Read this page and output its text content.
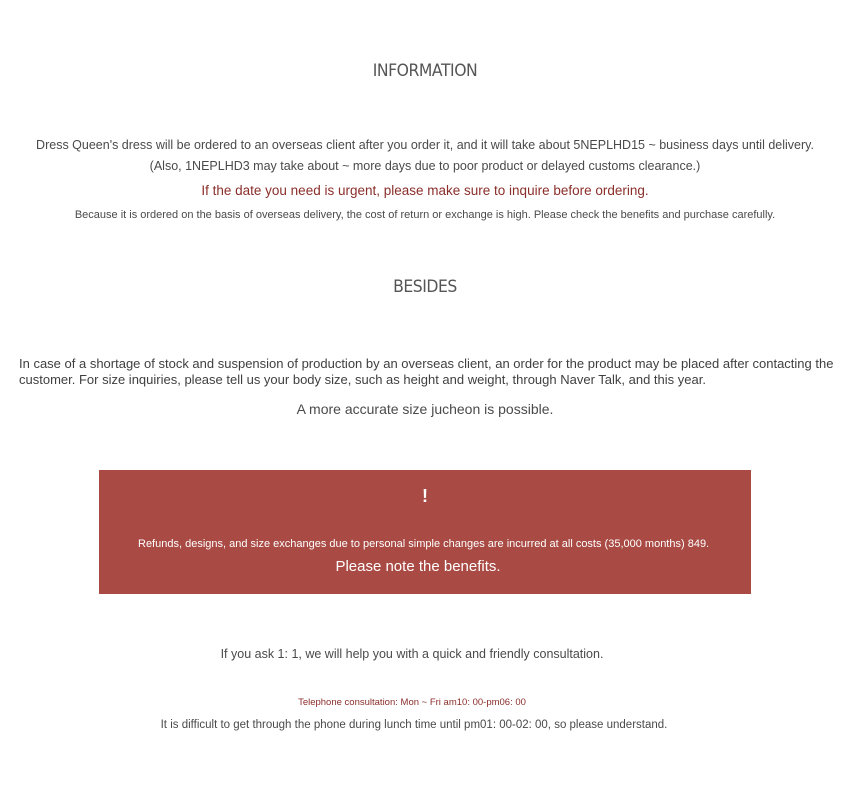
INFORMATION
Dress Queen's dress will be ordered to an overseas client after you order it, and it will take about 5NEPLHD15 ~ business days until delivery.
(Also, 1NEPLHD3 may take about ~ more days due to poor product or delayed customs clearance.)
If the date you need is urgent, please make sure to inquire before ordering.
Because it is ordered on the basis of overseas delivery, the cost of return or exchange is high. Please check the benefits and purchase carefully.
BESIDES
In case of a shortage of stock and suspension of production by an overseas client, an order for the product may be placed after contacting the customer. For size inquiries, please tell us your body size, such as height and weight, through Naver Talk, and this year.
A more accurate size jucheon is possible.
!
Refunds, designs, and size exchanges due to personal simple changes are incurred at all costs (35,000 months) 849.
Please note the benefits.
If you ask 1: 1, we will help you with a quick and friendly consultation.
Telephone consultation: Mon ~ Fri am10: 00-pm06: 00
It is difficult to get through the phone during lunch time until pm01: 00-02: 00, so please understand.
